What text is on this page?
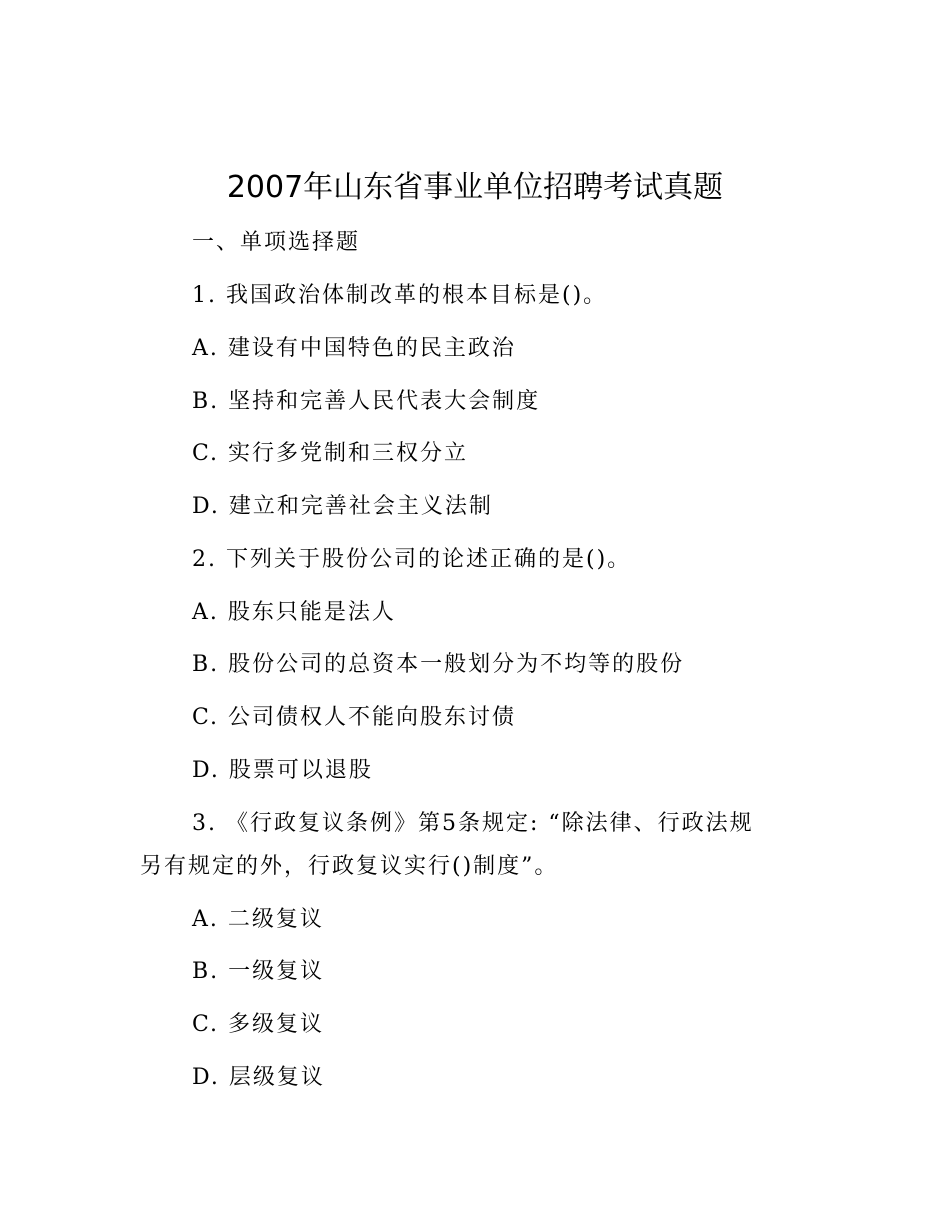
2007年山东省事业单位招聘考试真题
一、单项选择题
1. 我国政治体制改革的根本目标是()。
A. 建设有中国特色的民主政治
B. 坚持和完善人民代表大会制度
C. 实行多党制和三权分立
D. 建立和完善社会主义法制
2. 下列关于股份公司的论述正确的是()。
A. 股东只能是法人
B. 股份公司的总资本一般划分为不均等的股份
C. 公司债权人不能向股东讨债
D. 股票可以退股
3. 《行政复议条例》第5条规定: “除法律、行政法规
另有规定的外，行政复议实行()制度”。
A. 二级复议
B. 一级复议
C. 多级复议
D. 层级复议
